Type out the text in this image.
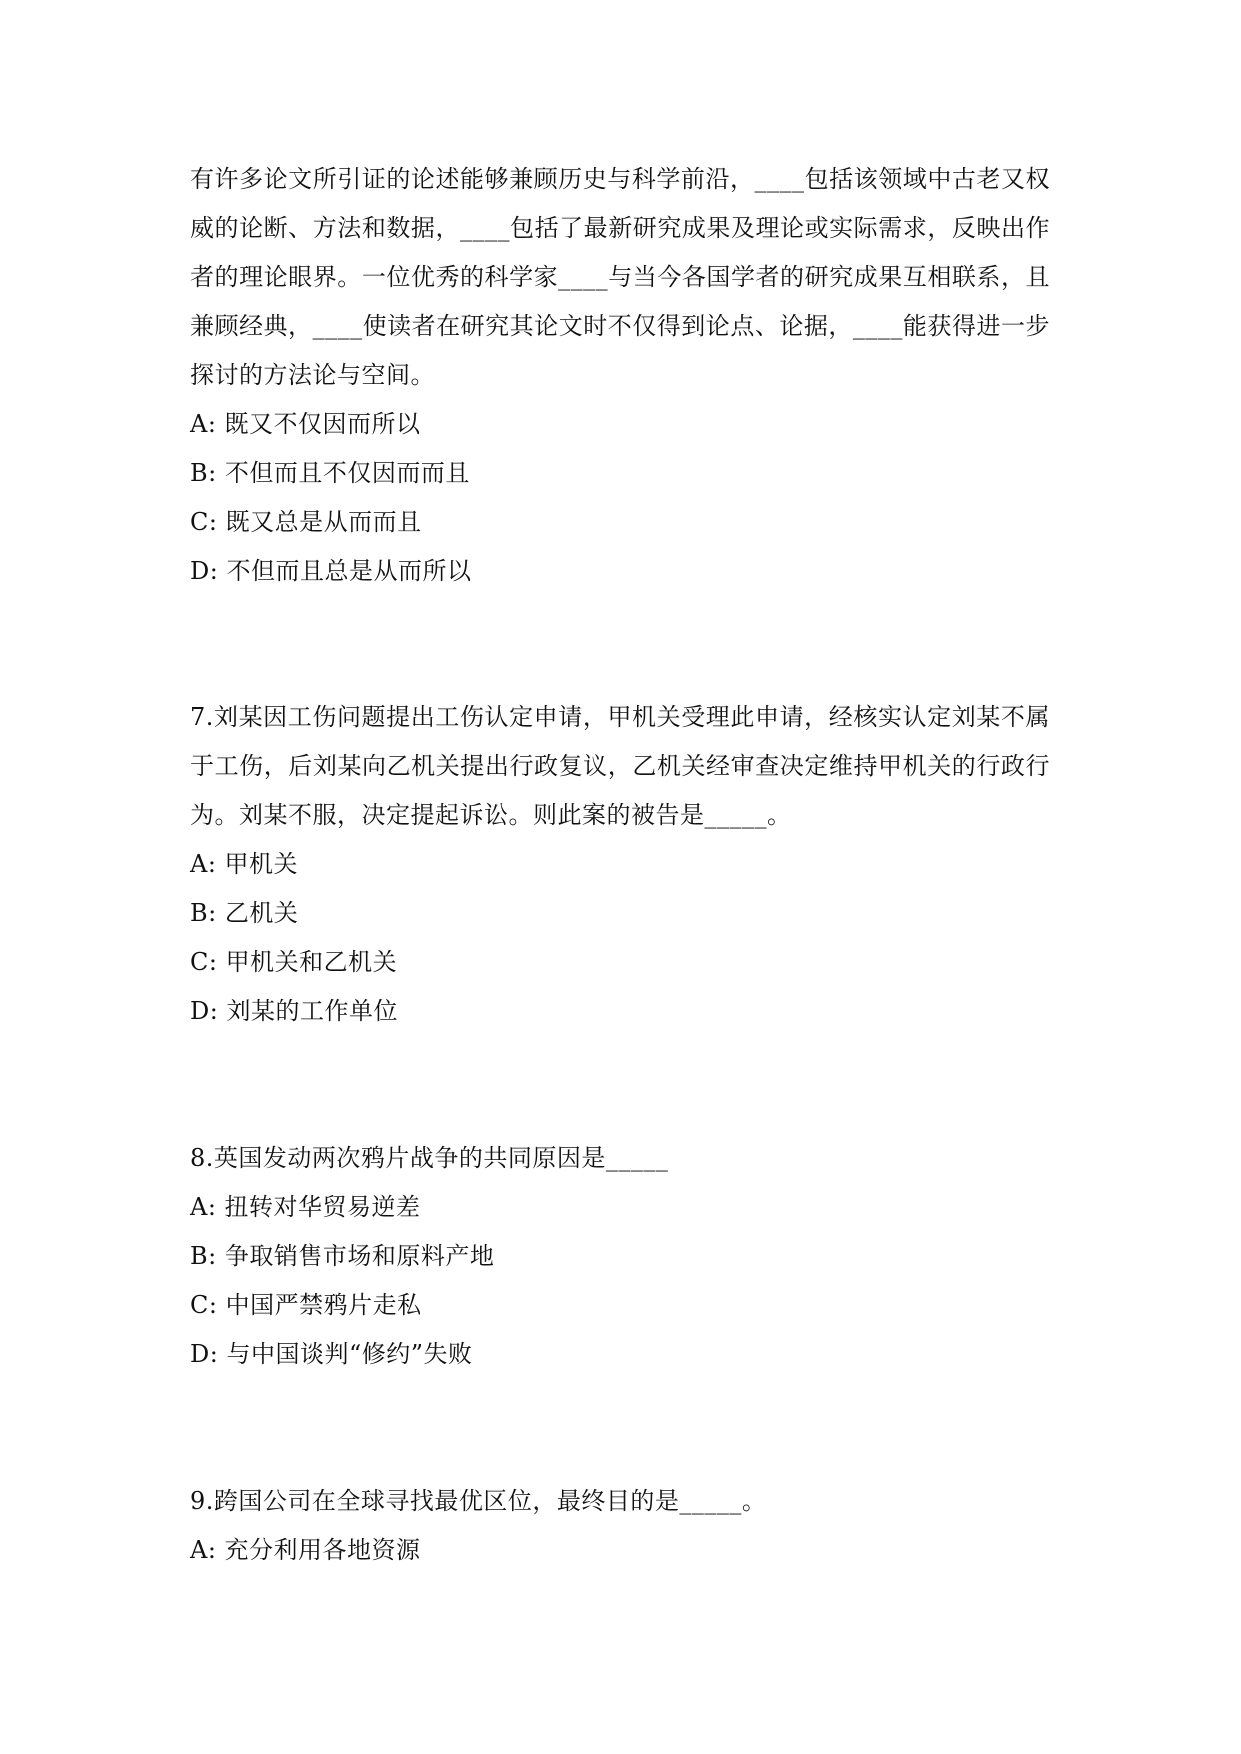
有许多论文所引证的论述能够兼顾历史与科学前沿，____包括该领域中古老又权威的论断、方法和数据，____包括了最新研究成果及理论或实际需求，反映出作者的理论眼界。一位优秀的科学家____与当今各国学者的研究成果互相联系，且兼顾经典，____使读者在研究其论文时不仅得到论点、论据，____能获得进一步探讨的方法论与空间。

A: 既又不仅因而所以

B: 不但而且不仅因而而且

C: 既又总是从而而且

D: 不但而且总是从而所以

7.刘某因工伤问题提出工伤认定申请，甲机关受理此申请，经核实认定刘某不属于工伤，后刘某向乙机关提出行政复议，乙机关经审查决定维持甲机关的行政行为。刘某不服，决定提起诉讼。则此案的被告是_____。

A: 甲机关

B: 乙机关

C: 甲机关和乙机关

D: 刘某的工作单位

8.英国发动两次鸦片战争的共同原因是_____

A: 扭转对华贸易逆差

B: 争取销售市场和原料产地

C: 中国严禁鸦片走私

D: 与中国谈判“修约”失败

9.跨国公司在全球寻找最优区位，最终目的是_____。

A: 充分利用各地资源
